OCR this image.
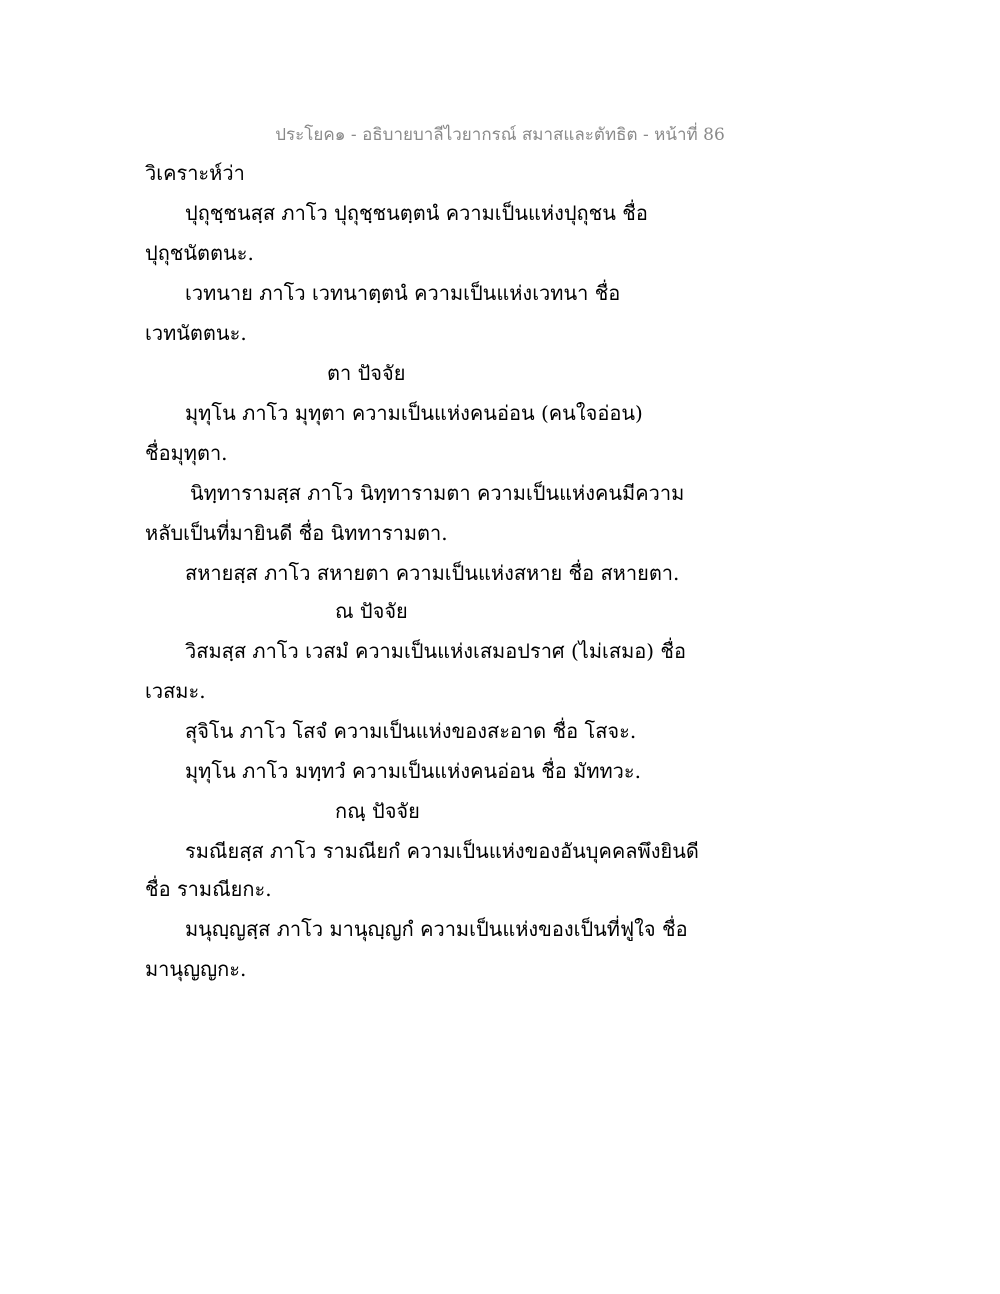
ประโยค๑ - อธิบายบาลีไวยากรณ์ สมาสและตัทธิต - หน้าที่ 86
วิเคราะห์ว่า
ปุถุชฺชนสฺส ภาโว ปุถุชฺชนตฺตนํ ความเป็นแห่งปุถุชน ชื่อ
ปุถุชนัตตนะ.
เวทนาย ภาโว เวทนาตฺตนํ ความเป็นแห่งเวทนา ชื่อ
เวทนัตตนะ.
ตา ปัจจัย
มุทุโน ภาโว มุทุตา ความเป็นแห่งคนอ่อน (คนใจอ่อน)
ชื่อมุทุตา.
นิทฺทารามสฺส ภาโว นิทฺทารามตา ความเป็นแห่งคนมีความ
หลับเป็นที่มายินดี ชื่อ นิททารามตา.
สหายสฺส ภาโว สหายตา ความเป็นแห่งสหาย ชื่อ สหายตา.
ณ ปัจจัย
วิสมสฺส ภาโว เวสมํ ความเป็นแห่งเสมอปราศ (ไม่เสมอ) ชื่อ
เวสมะ.
สุจิโน ภาโว โสจํ ความเป็นแห่งของสะอาด ชื่อ โสจะ.
มุทุโน ภาโว มทฺทวํ ความเป็นแห่งคนอ่อน ชื่อ มัททวะ.
กณฺ ปัจจัย
รมณียสฺส ภาโว รามณียกํ ความเป็นแห่งของอันบุคคลพึงยินดี
ชื่อ รามณียกะ.
มนุญฺญสฺส ภาโว มานุญฺญกํ ความเป็นแห่งของเป็นที่ฟูใจ ชื่อ
มานุญญกะ.
